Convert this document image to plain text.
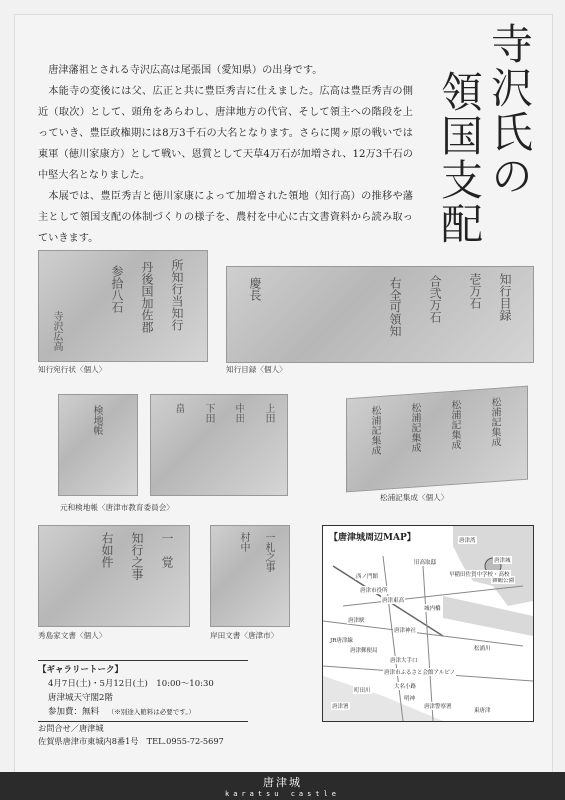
寺沢氏の
領国支配

唐津藩祖とされる寺沢広高は尾張国（愛知県）の出身です。

本能寺の変後には父、広正と共に豊臣秀吉に仕えました。広高は豊臣秀吉の側近（取次）として、頭角をあらわし、唐津地方の代官、そして領主への階段を上っていき、豊臣政権期には8万3千石の大名となります。さらに関ヶ原の戦いでは東軍（徳川家康方）として戦い、恩賞として天草4万石が加増され、12万3千石の中堅大名となりました。

本展では、豊臣秀吉と徳川家康によって加増された領地（知行高）の推移や藩主として領国支配の体制づくりの様子を、農村を中心に古文書資料から読み取っていきます。

所知行当知行
丹後国加佐郡
参拾八石
寺沢広高
知行宛行状〈個人〉
知行目録
壱万石
合弐万石
右全可領知
慶長
知行目録〈個人〉
検地帳	上田
中田
下田
畠
元和検地帳〈唐津市教育委員会〉
松浦記集成	松浦記集成	松浦記集成	松浦記集成
松浦記集成〈個人〉
一　覚
知行之事
右如件
秀島家文書〈個人〉
一札之事
村中
岸田文書〈唐津市〉
【唐津城周辺MAP】	唐津湾
唐津城
舞鶴公園
早稲田佐賀中学校・高校
旧高取邸
西ノ門館
唐津市役所
唐津東高
唐津駅
JR唐津線
唐津神社
唐津郵便局
城内橋
唐津大手口
唐津市ふるさと会館アルピノ
大名小路
明神
町田川
松浦川
唐津警察署
唐津署
東唐津
【ギャラリートーク】
4月7日(土)・5月12日(土)　10:00～10:30
唐津城天守閣2階
参加費：無料 （※別途入館料は必要です。）
お問合せ／唐津城
佐賀県唐津市東城内8番1号　TEL.0955-72-5697
唐津城
karatsu castle
